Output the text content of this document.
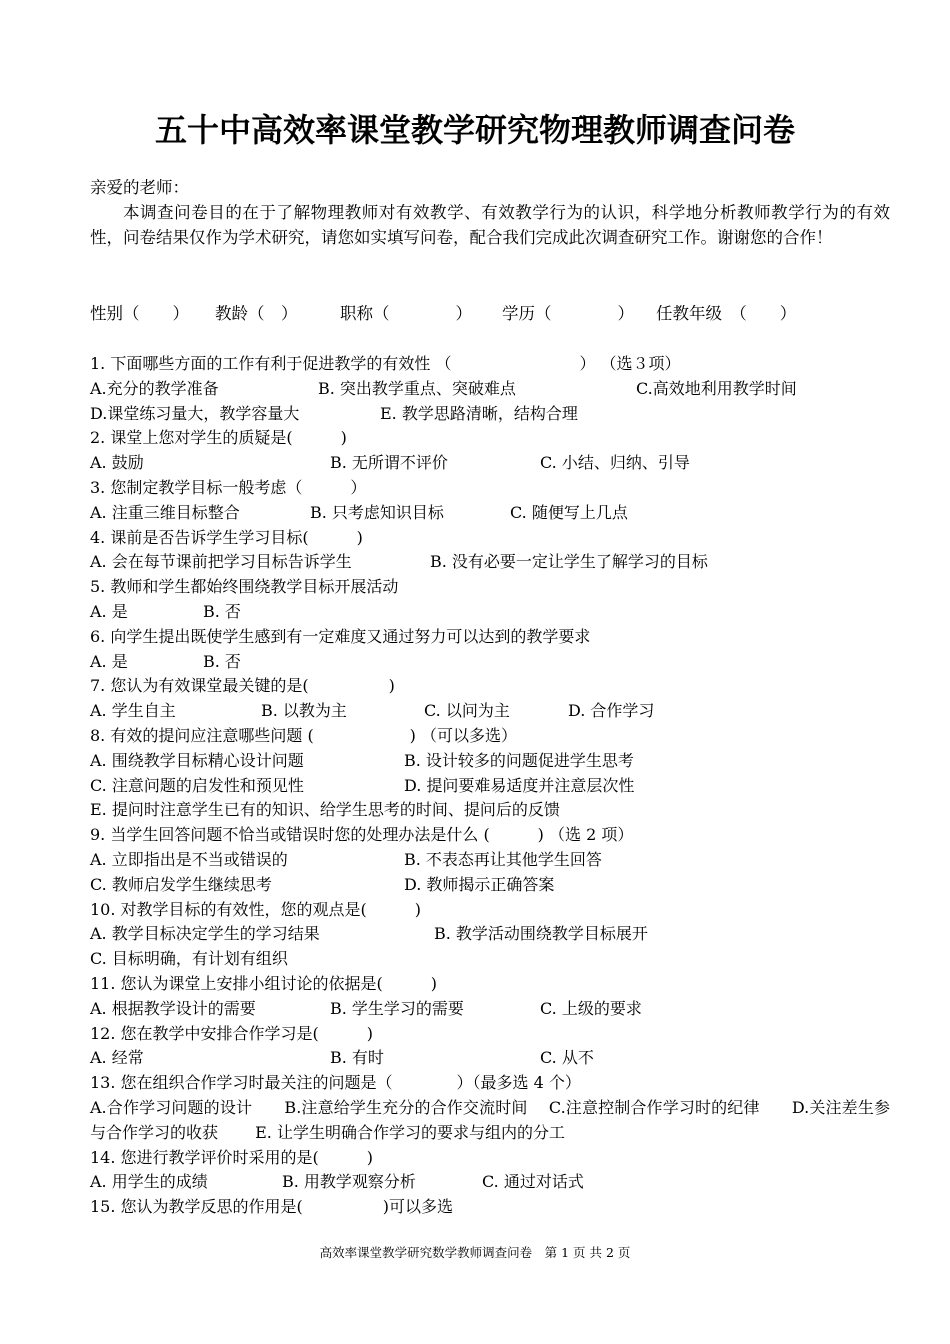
五十中高效率课堂教学研究物理教师调查问卷
亲爱的老师：
本调查问卷目的在于了解物理教师对有效教学、有效教学行为的认识，科学地分析教师教学行为的有效性，问卷结果仅作为学术研究，请您如实填写问卷，配合我们完成此次调查研究工作。谢谢您的合作！
性别（　　） 教龄（　）	职称（　　　　） 学历（　　　　） 任教年级　（　　）
1. 下面哪些方面的工作有利于促进教学的有效性 （　　　　　　　　） （选３项）
A.充分的教学准备	B. 突出教学重点、突破难点	C.高效地利用教学时间
D.课堂练习量大，教学容量大	E. 教学思路清晰，结构合理
2. 课堂上您对学生的质疑是(　　　)
A. 鼓励	B. 无所谓不评价	C. 小结、归纳、引导
3. 您制定教学目标一般考虑（　　　）
A. 注重三维目标整合	B. 只考虑知识目标	C. 随便写上几点
4. 课前是否告诉学生学习目标(　　　)
A. 会在每节课前把学习目标告诉学生	B. 没有必要一定让学生了解学习的目标
5. 教师和学生都始终围绕教学目标开展活动
A. 是	B. 否
6. 向学生提出既使学生感到有一定难度又通过努力可以达到的教学要求
A. 是	B. 否
7. 您认为有效课堂最关键的是(　　　　　)
A. 学生自主	B. 以教为主	C. 以问为主	D. 合作学习
8. 有效的提问应注意哪些问题 (　　　　　　) （可以多选）
A. 围绕教学目标精心设计问题	B. 设计较多的问题促进学生思考
C. 注意问题的启发性和预见性	D. 提问要难易适度并注意层次性
E. 提问时注意学生已有的知识、给学生思考的时间、提问后的反馈
9. 当学生回答问题不恰当或错误时您的处理办法是什么 (　　　) （选 2 项）
A. 立即指出是不当或错误的	B. 不表态再让其他学生回答
C. 教师启发学生继续思考	D. 教师揭示正确答案
10. 对教学目标的有效性，您的观点是(　　　)
A. 教学目标决定学生的学习结果	B. 教学活动围绕教学目标展开
C. 目标明确，有计划有组织
11. 您认为课堂上安排小组讨论的依据是(　　　)
A. 根据教学设计的需要	B. 学生学习的需要	C. 上级的要求
12. 您在教学中安排合作学习是(　　　)
A. 经常	B. 有时	C. 从不
13. 您在组织合作学习时最关注的问题是（　　　　）（最多选 4 个）
A.合作学习问题的设计　　B.注意给学生充分的合作交流时间　 C.注意控制合作学习时的纪律　　D.关注差生参与合作学习的收获　　 E. 让学生明确合作学习的要求与组内的分工
14. 您进行教学评价时采用的是(　　　)
A. 用学生的成绩	B. 用教学观察分析	C. 通过对话式
15. 您认为教学反思的作用是(　　　　　)可以多选
高效率课堂教学研究数学教师调查问卷　第 1 页 共 2 页
